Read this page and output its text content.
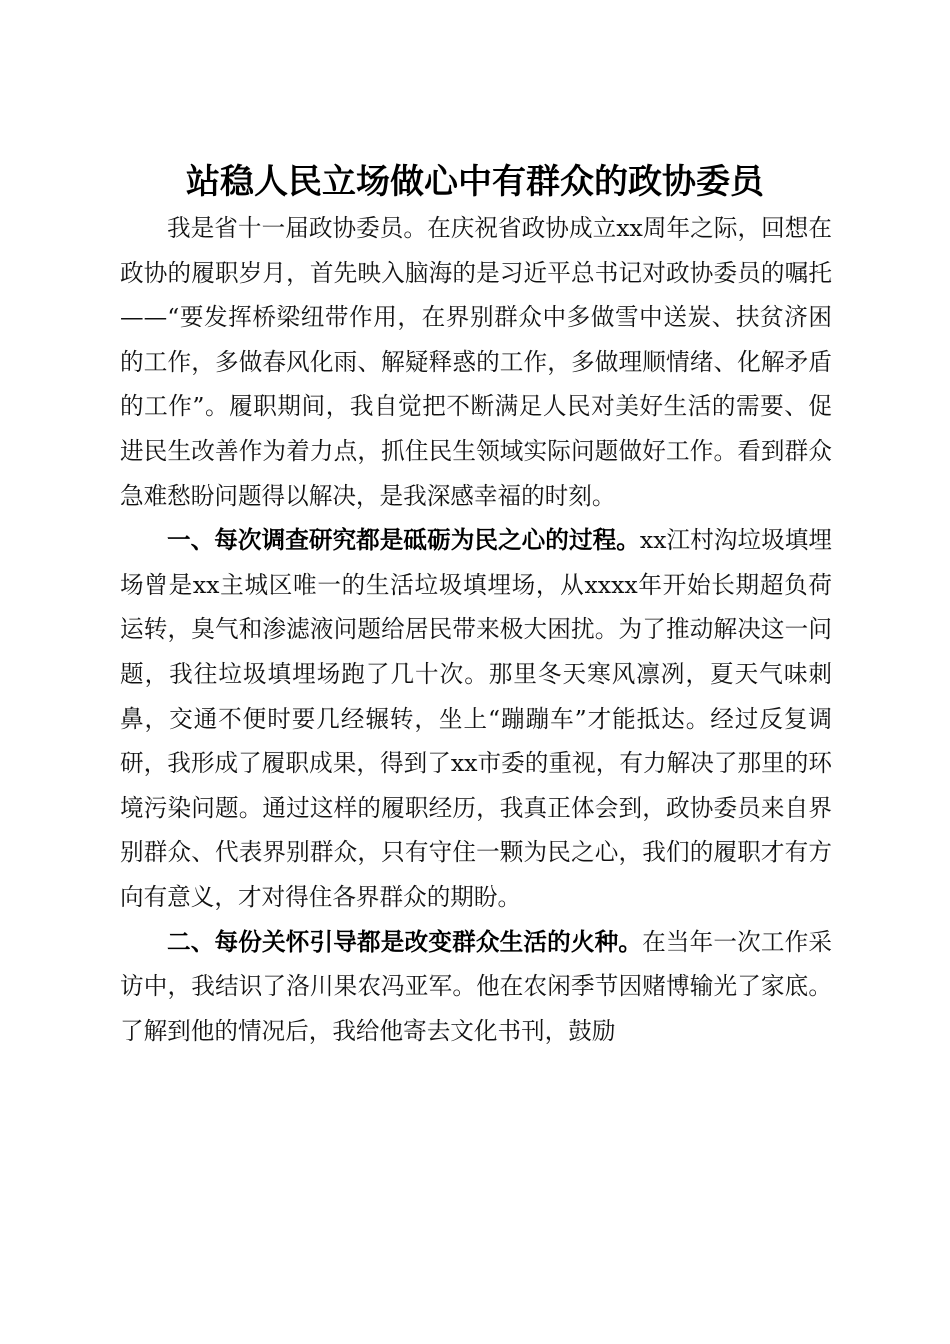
站稳人民立场做心中有群众的政协委员

我是省十一届政协委员。在庆祝省政协成立xx周年之际，回想在政协的履职岁月，首先映入脑海的是习近平总书记对政协委员的嘱托——“要发挥桥梁纽带作用，在界别群众中多做雪中送炭、扶贫济困的工作，多做春风化雨、解疑释惑的工作，多做理顺情绪、化解矛盾的工作”。履职期间，我自觉把不断满足人民对美好生活的需要、促进民生改善作为着力点，抓住民生领域实际问题做好工作。看到群众急难愁盼问题得以解决，是我深感幸福的时刻。

一、每次调查研究都是砥砺为民之心的过程。xx江村沟垃圾填埋场曾是xx主城区唯一的生活垃圾填埋场，从xxxx年开始长期超负荷运转，臭气和渗滤液问题给居民带来极大困扰。为了推动解决这一问题，我往垃圾填埋场跑了几十次。那里冬天寒风凛冽，夏天气味刺鼻，交通不便时要几经辗转，坐上“蹦蹦车”才能抵达。经过反复调研，我形成了履职成果，得到了xx市委的重视，有力解决了那里的环境污染问题。通过这样的履职经历，我真正体会到，政协委员来自界别群众、代表界别群众，只有守住一颗为民之心，我们的履职才有方向有意义，才对得住各界群众的期盼。

二、每份关怀引导都是改变群众生活的火种。在当年一次工作采访中，我结识了洛川果农冯亚军。他在农闲季节因赌博输光了家底。了解到他的情况后，我给他寄去文化书刊，鼓励
